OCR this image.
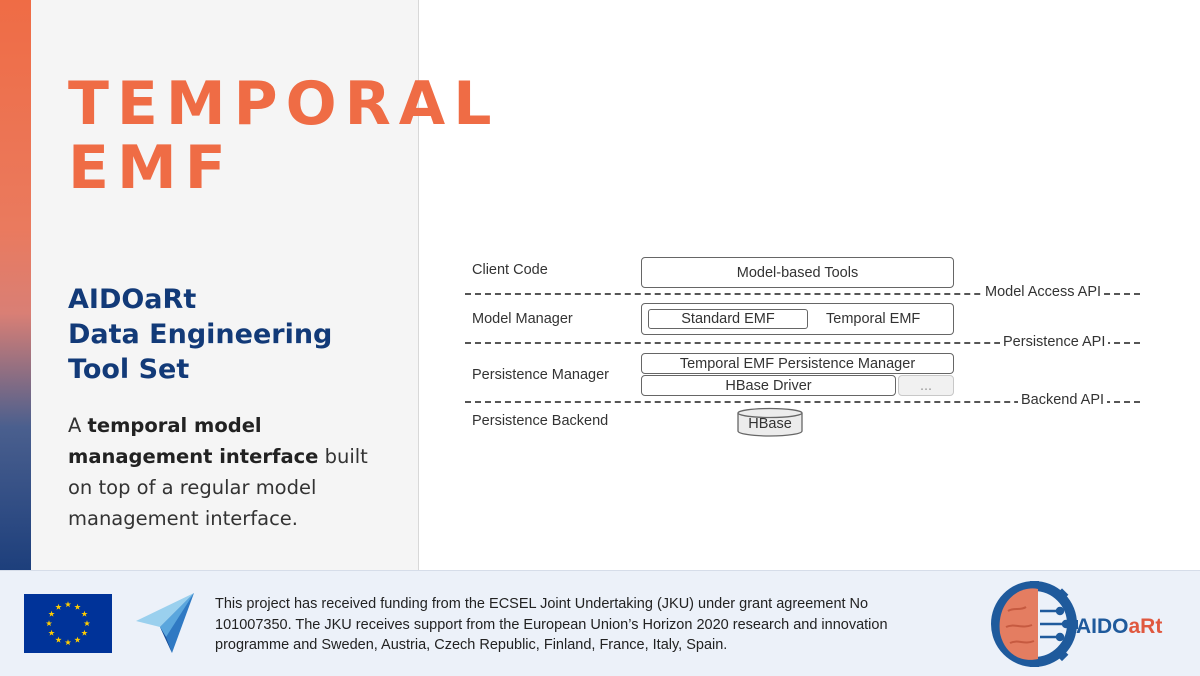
TEMPORAL
EMF
AIDOaRt
Data Engineering
Tool Set

A temporal model management interface built on top of a regular model management interface.

Client Code	Model-based Tools
Model Access API
Model Manager	Standard EMF	Temporal EMF
Persistence API
Temporal EMF Persistence Manager
Persistence Manager
HBase Driver	...
Backend API
Persistence Backend	HBase

This project has received funding from the ECSEL Joint Undertaking (JKU) under grant agreement No 101007350. The JKU receives support from the European Union’s Horizon 2020 research and innovation programme and Sweden, Austria, Czech Republic, Finland, France, Italy, Spain.

AIDOaRt
